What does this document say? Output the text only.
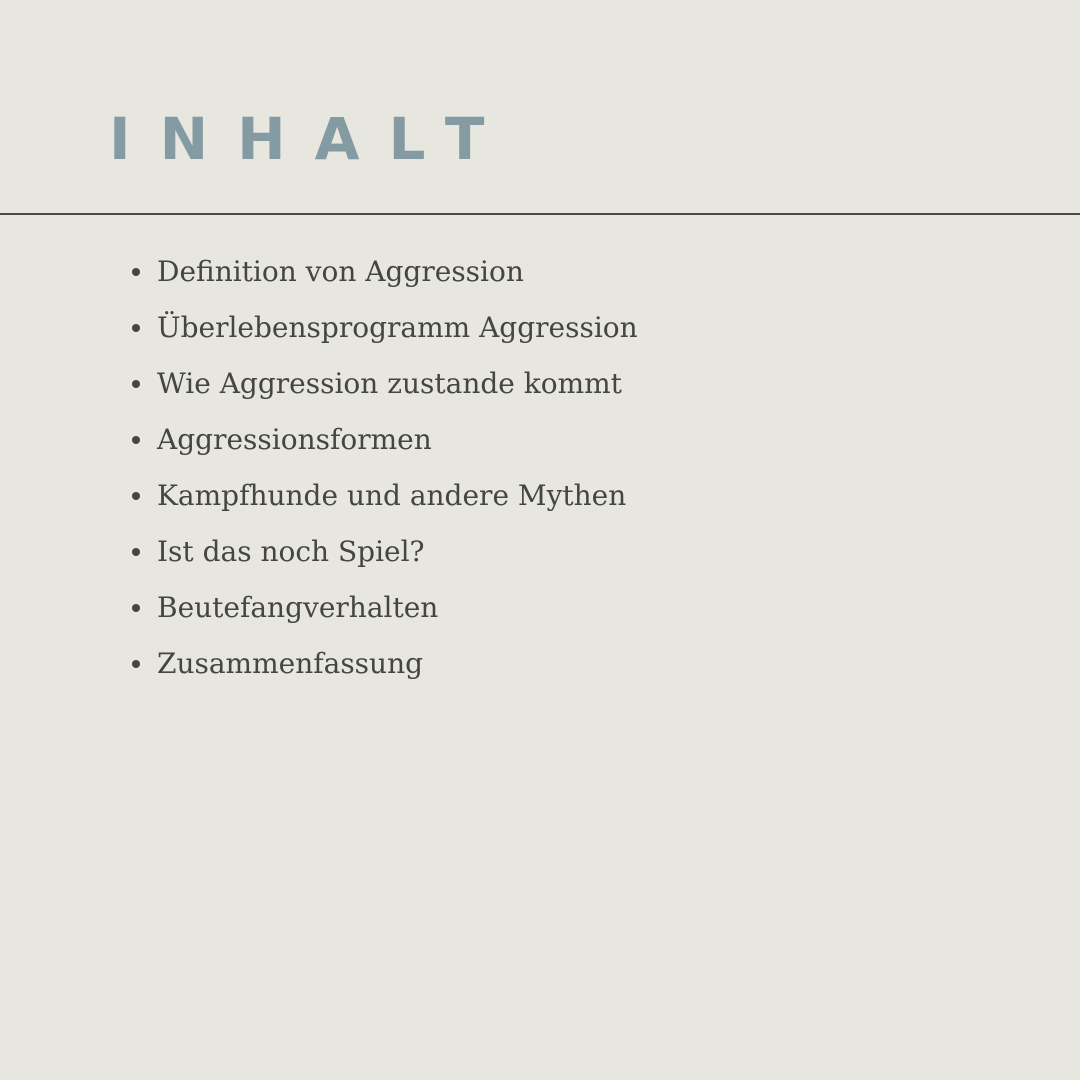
INHALT
Definition von Aggression
Überlebensprogramm Aggression
Wie Aggression zustande kommt
Aggressionsformen
Kampfhunde und andere Mythen
Ist das noch Spiel?
Beutefangverhalten
Zusammenfassung
